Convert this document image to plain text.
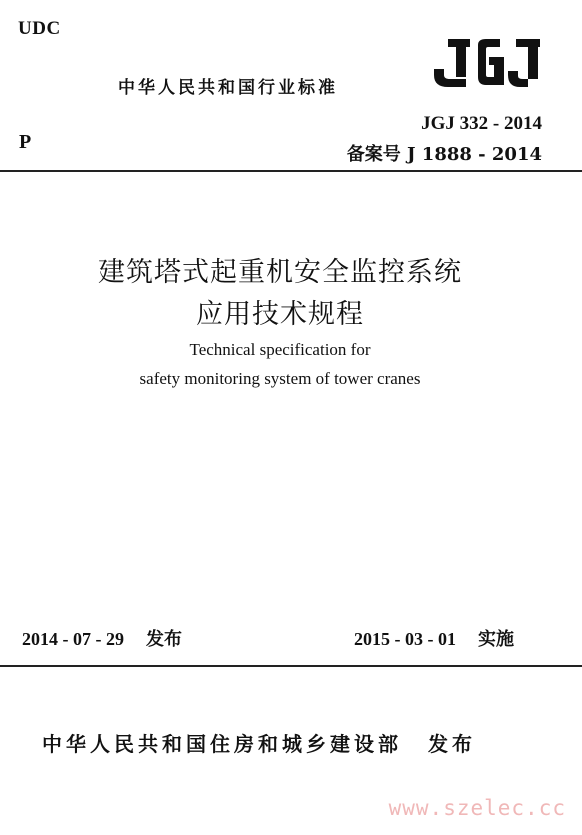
UDC
中华人民共和国行业标准
P
JGJ 332 - 2014
备案号 J 1888 - 2014
建筑塔式起重机安全监控系统
应用技术规程
Technical specification for
safety monitoring system of tower cranes
2014 - 07 - 29 发布	2015 - 03 - 01 实施
中华人民共和国住房和城乡建设部 发布
www.szelec.cc
